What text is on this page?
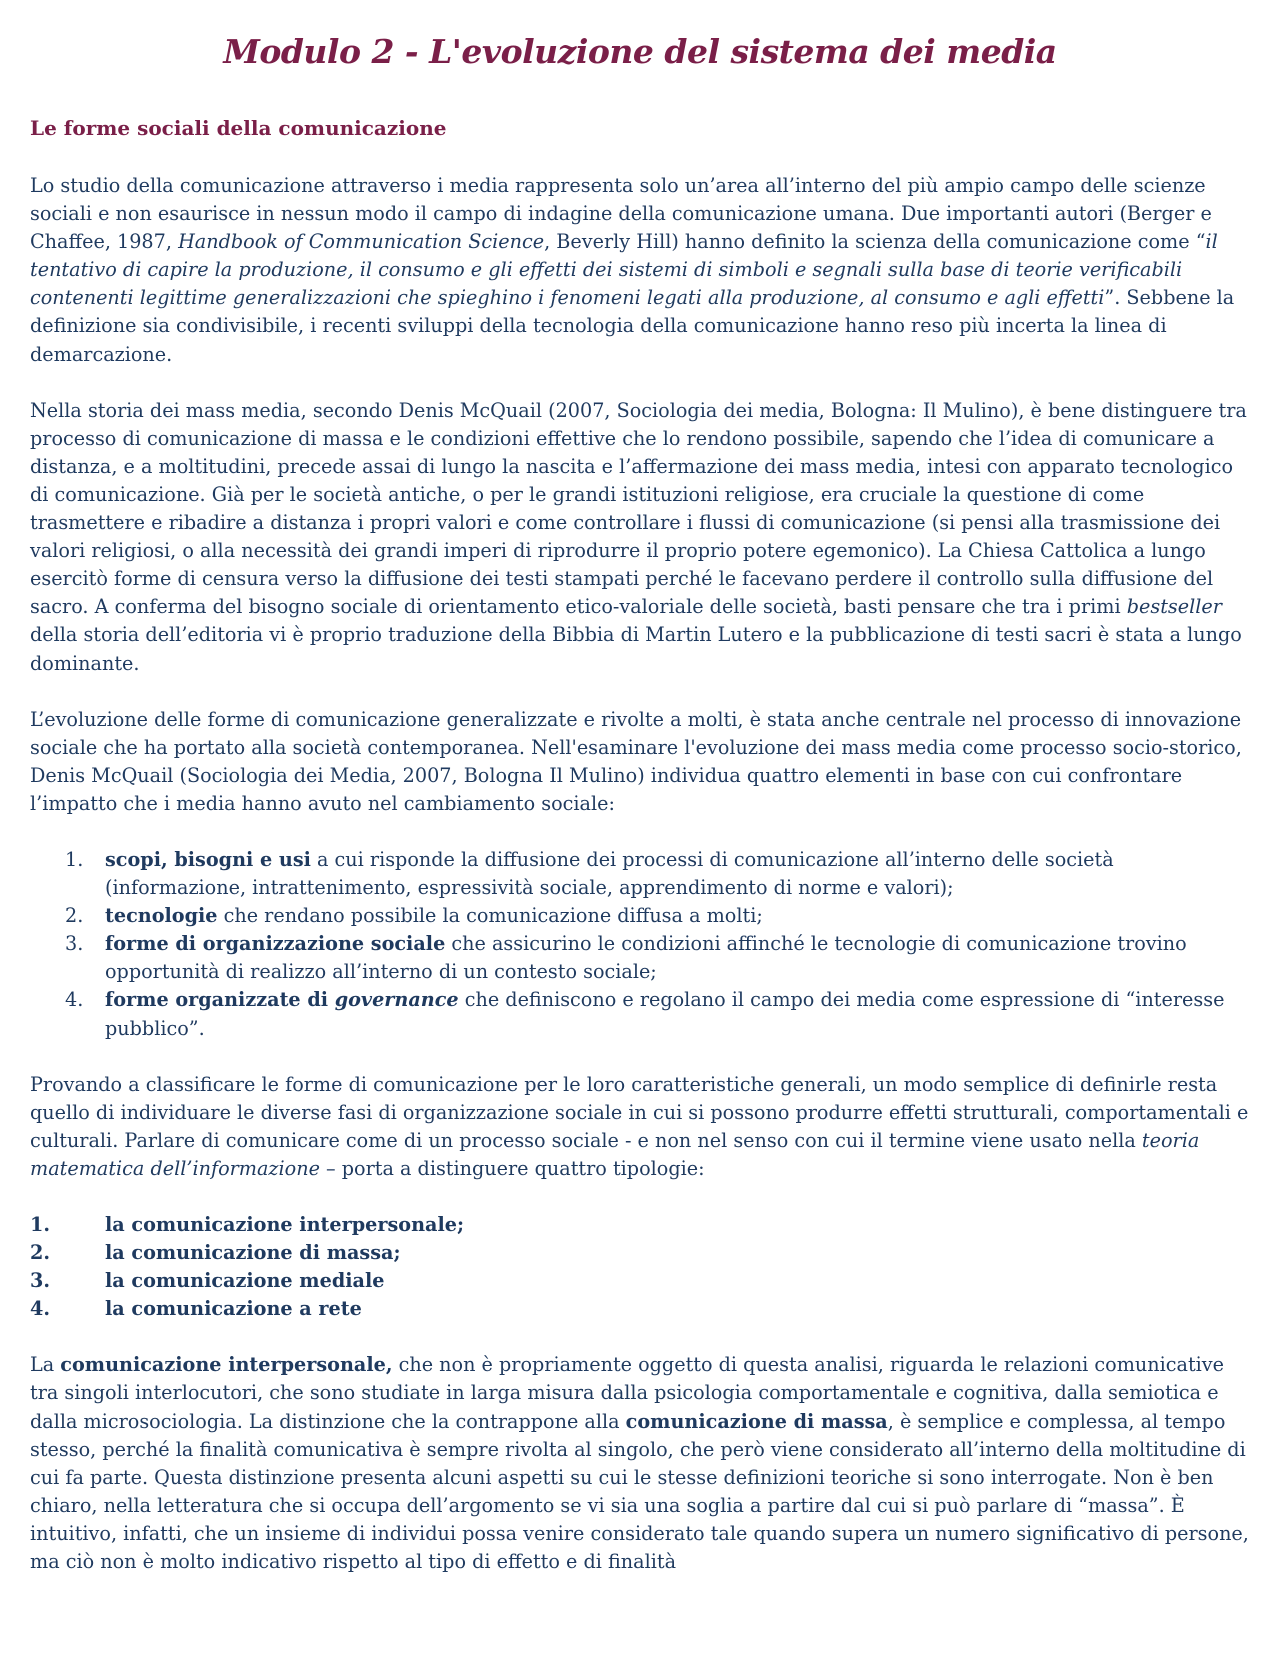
Modulo 2 - L'evoluzione del sistema dei media
Le forme sociali della comunicazione

Lo studio della comunicazione attraverso i media rappresenta solo un’area all’interno del più ampio campo delle scienze sociali e non esaurisce in nessun modo il campo di indagine della comunicazione umana. Due importanti autori (Berger e Chaffee, 1987, Handbook of Communication Science, Beverly Hill) hanno definito la scienza della comunicazione come “il tentativo di capire la produzione, il consumo e gli effetti dei sistemi di simboli e segnali sulla base di teorie verificabili contenenti legittime generalizzazioni che spieghino i fenomeni legati alla produzione, al consumo e agli effetti”. Sebbene la definizione sia condivisibile, i recenti sviluppi della tecnologia della comunicazione hanno reso più incerta la linea di demarcazione.

Nella storia dei mass media, secondo Denis McQuail (2007, Sociologia dei media, Bologna: Il Mulino), è bene distinguere tra processo di comunicazione di massa e le condizioni effettive che lo rendono possibile, sapendo che l’idea di comunicare a distanza, e a moltitudini, precede assai di lungo la nascita e l’affermazione dei mass media, intesi con apparato tecnologico di comunicazione. Già per le società antiche, o per le grandi istituzioni religiose, era cruciale la questione di come trasmettere e ribadire a distanza i propri valori e come controllare i flussi di comunicazione (si pensi alla trasmissione dei valori religiosi, o alla necessità dei grandi imperi di riprodurre il proprio potere egemonico). La Chiesa Cattolica a lungo esercitò forme di censura verso la diffusione dei testi stampati perché le facevano perdere il controllo sulla diffusione del sacro. A conferma del bisogno sociale di orientamento etico-valoriale delle società, basti pensare che tra i primi bestseller della storia dell’editoria vi è proprio traduzione della Bibbia di Martin Lutero e la pubblicazione di testi sacri è stata a lungo dominante.

L’evoluzione delle forme di comunicazione generalizzate e rivolte a molti, è stata anche centrale nel processo di innovazione sociale che ha portato alla società contemporanea. Nell'esaminare l'evoluzione dei mass media come processo socio-storico, Denis McQuail (Sociologia dei Media, 2007, Bologna Il Mulino) individua quattro elementi in base con cui confrontare l’impatto che i media hanno avuto nel cambiamento sociale:

1. scopi, bisogni e usi a cui risponde la diffusione dei processi di comunicazione all’interno delle società (informazione, intrattenimento, espressività sociale, apprendimento di norme e valori);
2. tecnologie che rendano possibile la comunicazione diffusa a molti;
3. forme di organizzazione sociale che assicurino le condizioni affinché le tecnologie di comunicazione trovino opportunità di realizzo all’interno di un contesto sociale;
4. forme organizzate di governance che definiscono e regolano il campo dei media come espressione di “interesse pubblico”.

Provando a classificare le forme di comunicazione per le loro caratteristiche generali, un modo semplice di definirle resta quello di individuare le diverse fasi di organizzazione sociale in cui si possono produrre effetti strutturali, comportamentali e culturali. Parlare di comunicare come di un processo sociale - e non nel senso con cui il termine viene usato nella teoria matematica dell’informazione – porta a distinguere quattro tipologie:

1.	la comunicazione interpersonale;
2.	la comunicazione di massa;
3.	la comunicazione mediale
4.	la comunicazione a rete

La comunicazione interpersonale, che non è propriamente oggetto di questa analisi, riguarda le relazioni comunicative tra singoli interlocutori, che sono studiate in larga misura dalla psicologia comportamentale e cognitiva, dalla semiotica e dalla microsociologia. La distinzione che la contrappone alla comunicazione di massa, è semplice e complessa, al tempo stesso, perché la finalità comunicativa è sempre rivolta al singolo, che però viene considerato all’interno della moltitudine di cui fa parte. Questa distinzione presenta alcuni aspetti su cui le stesse definizioni teoriche si sono interrogate. Non è ben chiaro, nella letteratura che si occupa dell’argomento se vi sia una soglia a partire dal cui si può parlare di “massa”. È intuitivo, infatti, che un insieme di individui possa venire considerato tale quando supera un numero significativo di persone, ma ciò non è molto indicativo rispetto al tipo di effetto e di finalità
